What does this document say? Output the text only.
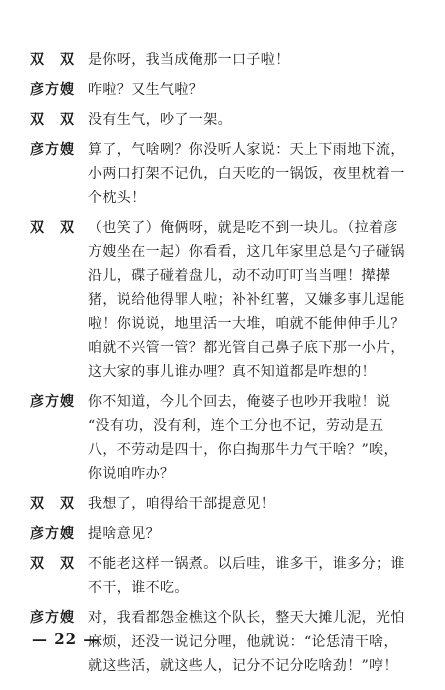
双　双 是你呀，我当成俺那一口子啦！
彦方嫂 咋啦？又生气啦？
双　双 没有生气，吵了一架。
彦方嫂 算了，气啥咧？你没听人家说：天上下雨地下流，
小两口打架不记仇，白天吃的一锅饭，夜里枕着一
个枕头！
双　双 （也笑了）俺俩呀，就是吃不到一块儿。（拉着彦
方嫂坐在一起）你看看，这几年家里总是勺子碰锅
沿儿，碟子碰着盘儿，动不动叮叮当当哩！撵撵
猪，说给他得罪人啦；补补红薯，又嫌多事儿逞能
啦！你说说，地里活一大堆，咱就不能伸伸手儿？
咱就不兴管一管？都光管自己鼻子底下那一小片，
这大家的事儿谁办哩？真不知道都是咋想的！
彦方嫂 你不知道，今儿个回去，俺婆子也吵开我啦！说
“没有功，没有利，连个工分也不记，劳动是五
八，不劳动是四十，你白掏那牛力气干啥？”唉，
你说咱咋办？
双　双 我想了，咱得给干部提意见！
彦方嫂 提啥意见？
双　双 不能老这样一锅煮。以后哇，谁多干，谁多分；谁
不干，谁不吃。
彦方嫂 对，我看都怨金樵这个队长，整天大摊儿泥，光怕
麻烦，还没一说记分哩，他就说：“论恁清干啥，
就这些活，就这些人，记分不记分吃啥劲！”哼！
— 22 —
